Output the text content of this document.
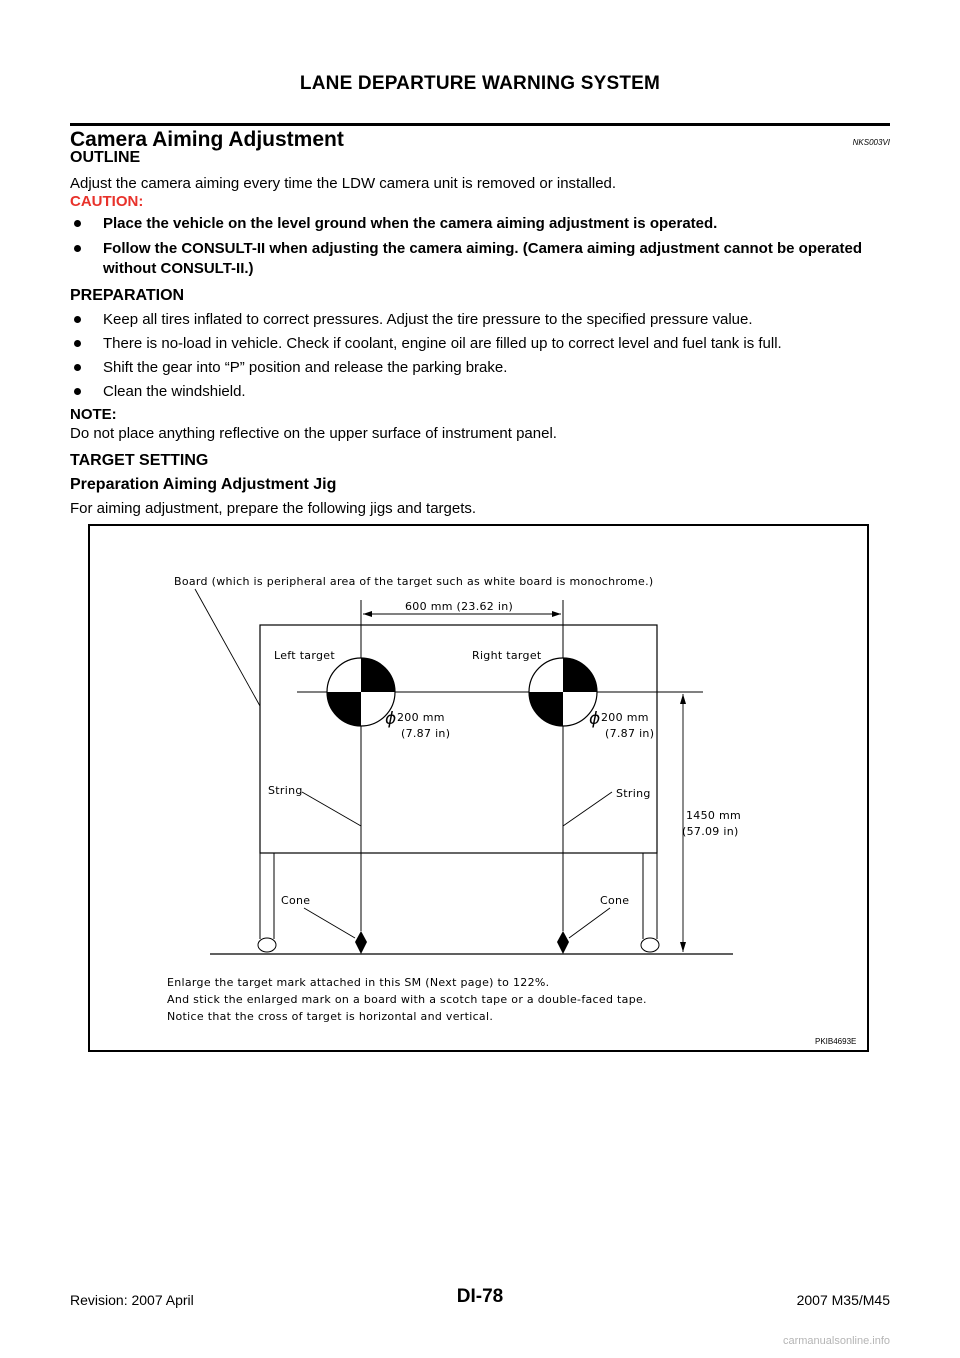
LANE DEPARTURE WARNING SYSTEM
Camera Aiming Adjustment	NKS003VI
OUTLINE
Adjust the camera aiming every time the LDW camera unit is removed or installed.
CAUTION:
Place the vehicle on the level ground when the camera aiming adjustment is operated.
Follow the CONSULT-II when adjusting the camera aiming. (Camera aiming adjustment cannot be operated without CONSULT-II.)
PREPARATION
Keep all tires inflated to correct pressures. Adjust the tire pressure to the specified pressure value.
There is no-load in vehicle. Check if coolant, engine oil are filled up to correct level and fuel tank is full.
Shift the gear into “P” position and release the parking brake.
Clean the windshield.
NOTE:
Do not place anything reflective on the upper surface of instrument panel.
TARGET SETTING
Preparation Aiming Adjustment Jig
For aiming adjustment, prepare the following jigs and targets.
Board (which is peripheral area of the target such as white board is monochrome.)
600 mm (23.62 in)
Left target	Right target
ϕ 200 mm
(7.87 in)
ϕ 200 mm
(7.87 in)
String	String
Cone	Cone
1450 mm
(57.09 in)
Enlarge the target mark attached in this SM (Next page) to 122%.
And stick the enlarged mark on a board with a scotch tape or a double-faced tape.
Notice that the cross of target is horizontal and vertical.
PKIB4693E
Revision: 2007 April	DI-78	2007 M35/M45
carmanualsonline.info
